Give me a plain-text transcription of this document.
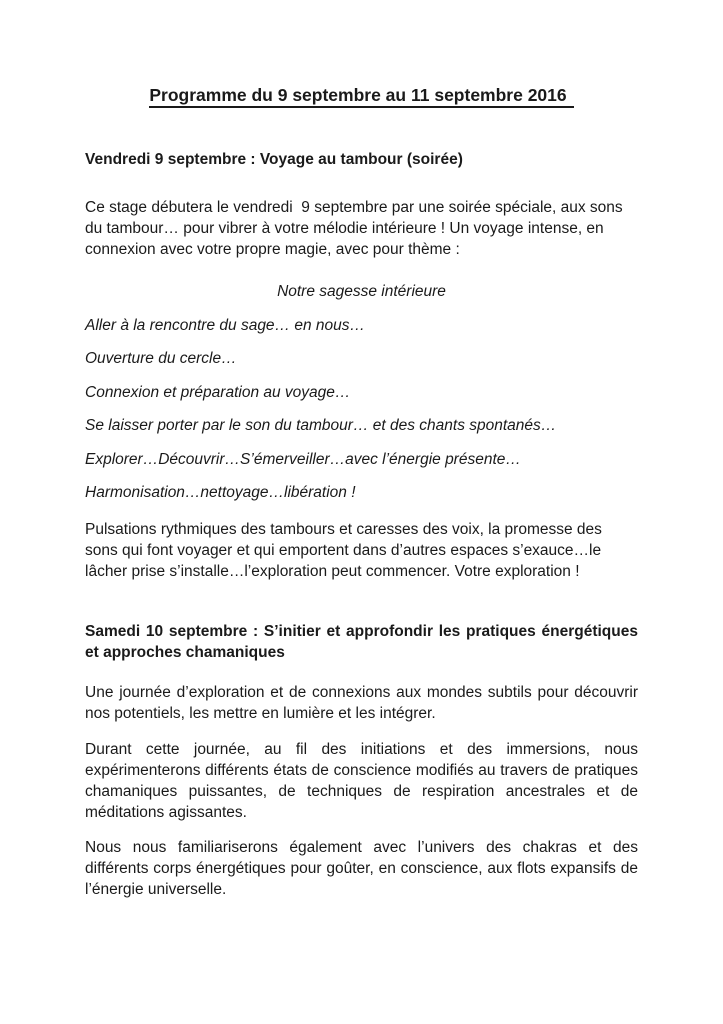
Programme du 9 septembre au 11 septembre 2016
Vendredi 9 septembre : Voyage au tambour (soirée)

Ce stage débutera le vendredi  9 septembre par une soirée spéciale, aux sons du tambour… pour vibrer à votre mélodie intérieure ! Un voyage intense, en connexion avec votre propre magie, avec pour thème :

Notre sagesse intérieure

Aller à la rencontre du sage… en nous…

Ouverture du cercle…

Connexion et préparation au voyage…

Se laisser porter par le son du tambour… et des chants spontanés…

Explorer…Découvrir…S’émerveiller…avec l’énergie présente…

Harmonisation…nettoyage…libération !

Pulsations rythmiques des tambours et caresses des voix, la promesse des sons qui font voyager et qui emportent dans d’autres espaces s’exauce…le lâcher prise s’installe…l’exploration peut commencer. Votre exploration !

Samedi 10 septembre : S’initier et approfondir les pratiques énergétiques et approches chamaniques

Une journée d’exploration et de connexions aux mondes subtils pour découvrir nos potentiels, les mettre en lumière et les intégrer.

Durant cette journée, au fil des initiations et des immersions, nous expérimenterons différents états de conscience modifiés au travers de pratiques chamaniques puissantes, de techniques de respiration ancestrales et de méditations agissantes.

Nous nous familiariserons également avec l’univers des chakras et des différents corps énergétiques pour goûter, en conscience, aux flots expansifs de l’énergie universelle.
